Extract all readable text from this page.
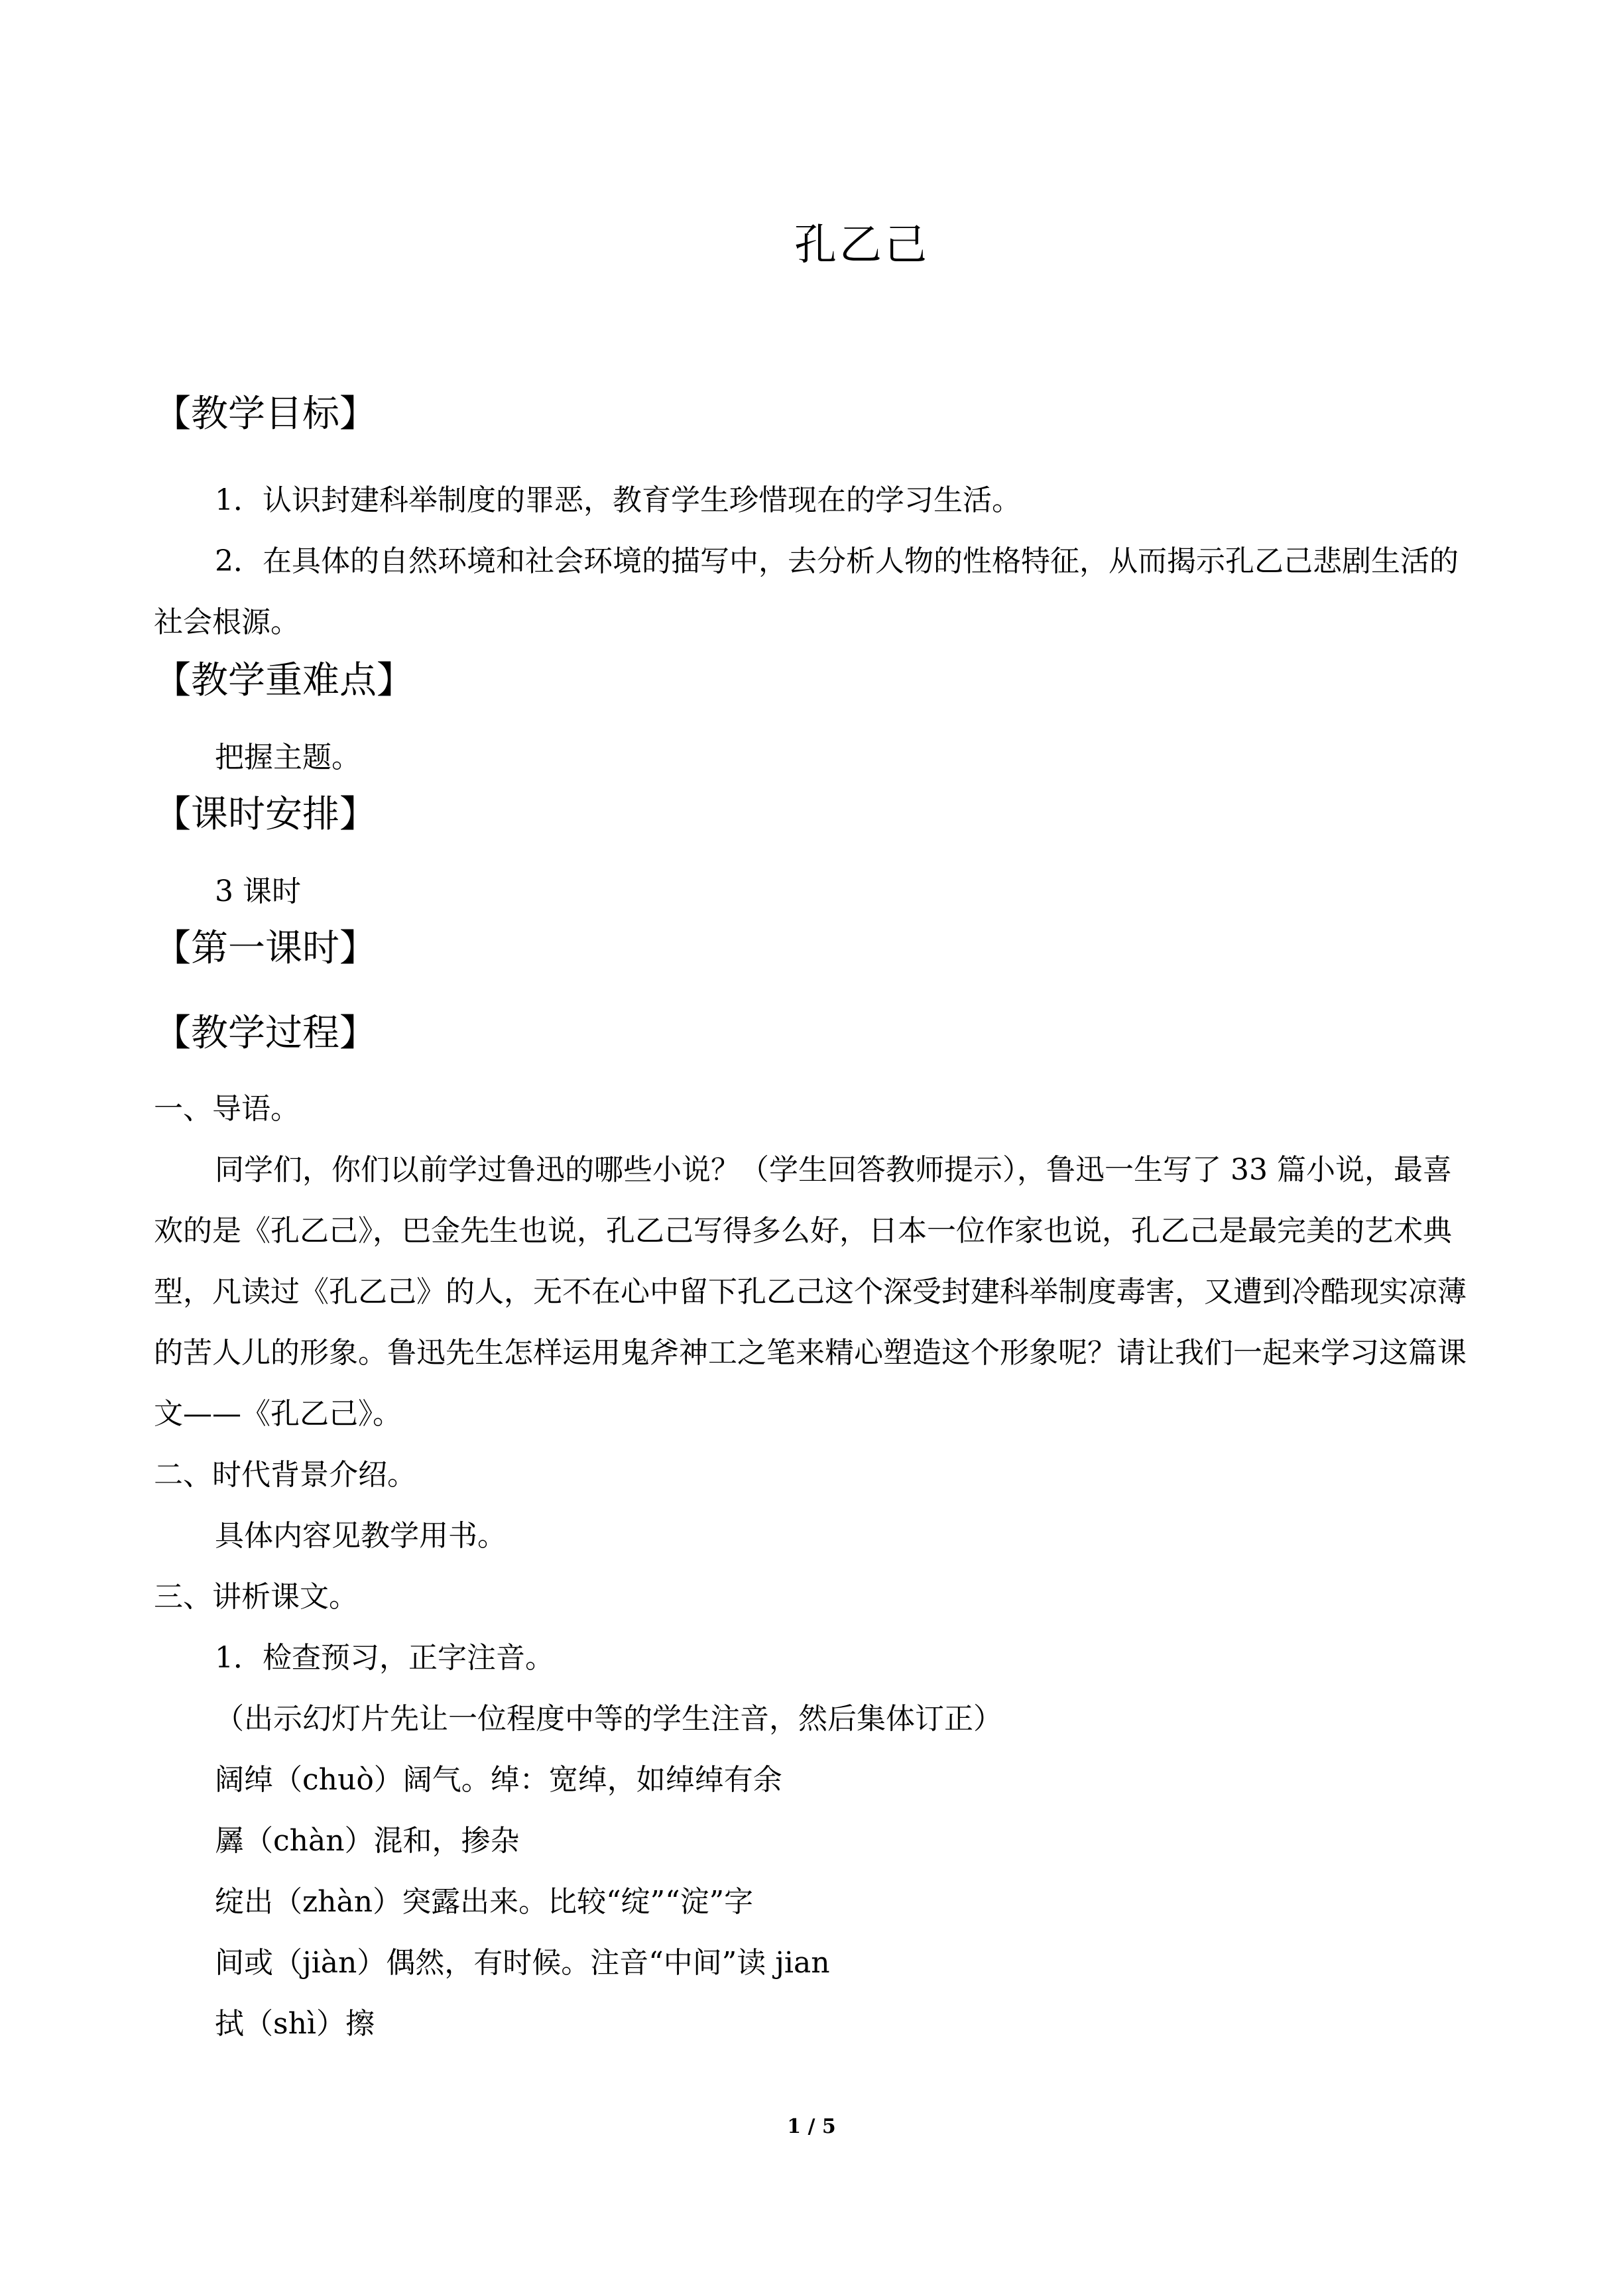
孔乙己
【教学目标】

1．认识封建科举制度的罪恶，教育学生珍惜现在的学习生活。

2．在具体的自然环境和社会环境的描写中，去分析人物的性格特征，从而揭示孔乙己悲剧生活的社会根源。

【教学重难点】

把握主题。

【课时安排】

3 课时

【第一课时】
【教学过程】

一、导语。

同学们，你们以前学过鲁迅的哪些小说？（学生回答教师提示），鲁迅一生写了 33 篇小说，最喜欢的是《孔乙己》，巴金先生也说，孔乙己写得多么好，日本一位作家也说，孔乙己是最完美的艺术典型，凡读过《孔乙己》的人，无不在心中留下孔乙己这个深受封建科举制度毒害，又遭到冷酷现实凉薄的苦人儿的形象。鲁迅先生怎样运用鬼斧神工之笔来精心塑造这个形象呢？请让我们一起来学习这篇课文——《孔乙己》。

二、时代背景介绍。

具体内容见教学用书。

三、讲析课文。

1．检查预习，正字注音。

（出示幻灯片先让一位程度中等的学生注音，然后集体订正）

阔绰（chuò）阔气。绰：宽绰，如绰绰有余

羼（chàn）混和，掺杂

绽出（zhàn）突露出来。比较“绽”“淀”字

间或（jiàn）偶然，有时候。注音“中间”读 jian

拭（shì）擦

1 / 5
